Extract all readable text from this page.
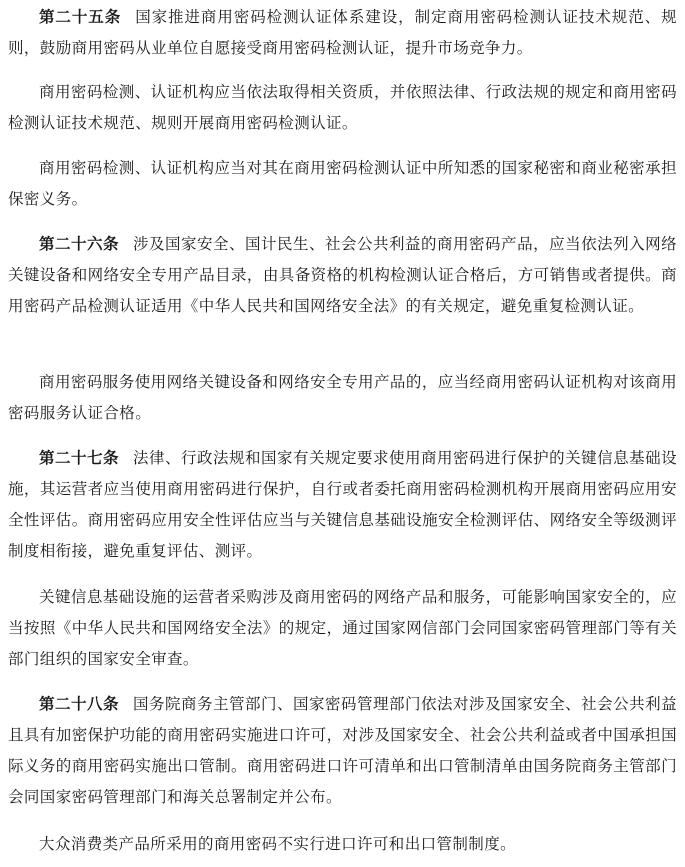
第二十五条 国家推进商用密码检测认证体系建设，制定商用密码检测认证技术规范、规则，鼓励商用密码从业单位自愿接受商用密码检测认证，提升市场竞争力。

商用密码检测、认证机构应当依法取得相关资质，并依照法律、行政法规的规定和商用密码检测认证技术规范、规则开展商用密码检测认证。

商用密码检测、认证机构应当对其在商用密码检测认证中所知悉的国家秘密和商业秘密承担保密义务。

第二十六条 涉及国家安全、国计民生、社会公共利益的商用密码产品，应当依法列入网络关键设备和网络安全专用产品目录，由具备资格的机构检测认证合格后，方可销售或者提供。商用密码产品检测认证适用《中华人民共和国网络安全法》的有关规定，避免重复检测认证。

商用密码服务使用网络关键设备和网络安全专用产品的，应当经商用密码认证机构对该商用密码服务认证合格。

第二十七条 法律、行政法规和国家有关规定要求使用商用密码进行保护的关键信息基础设施，其运营者应当使用商用密码进行保护，自行或者委托商用密码检测机构开展商用密码应用安全性评估。商用密码应用安全性评估应当与关键信息基础设施安全检测评估、网络安全等级测评制度相衔接，避免重复评估、测评。

关键信息基础设施的运营者采购涉及商用密码的网络产品和服务，可能影响国家安全的，应当按照《中华人民共和国网络安全法》的规定，通过国家网信部门会同国家密码管理部门等有关部门组织的国家安全审查。

第二十八条 国务院商务主管部门、国家密码管理部门依法对涉及国家安全、社会公共利益且具有加密保护功能的商用密码实施进口许可，对涉及国家安全、社会公共利益或者中国承担国际义务的商用密码实施出口管制。商用密码进口许可清单和出口管制清单由国务院商务主管部门会同国家密码管理部门和海关总署制定并公布。

大众消费类产品所采用的商用密码不实行进口许可和出口管制制度。
